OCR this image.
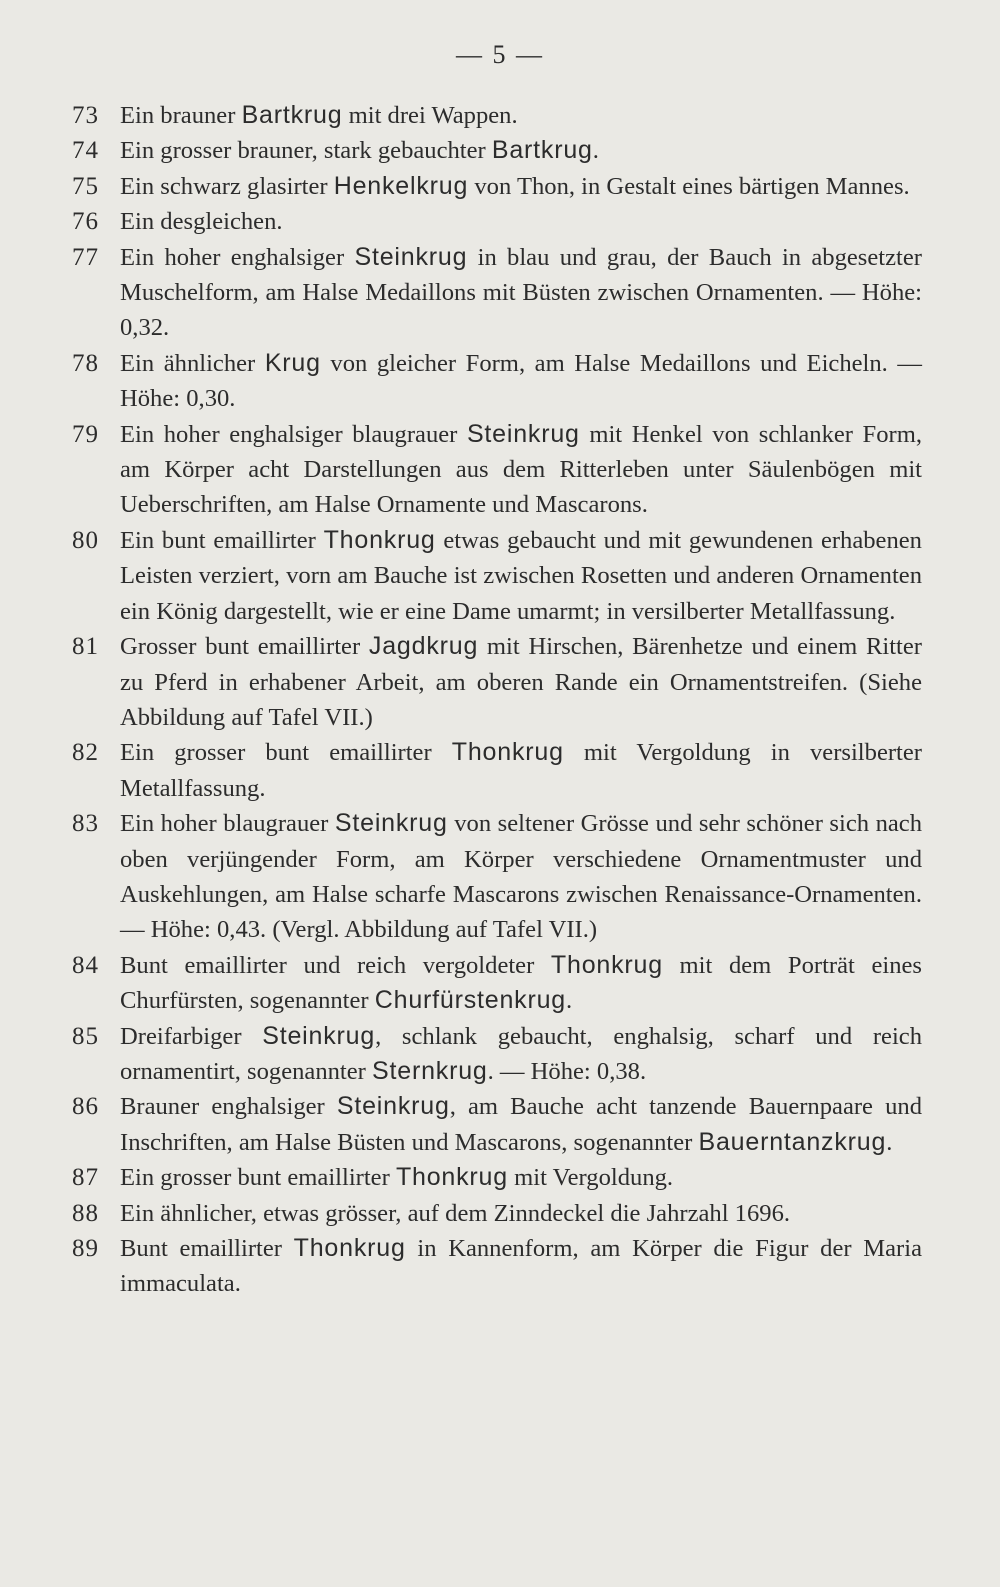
— 5 —
73 Ein brauner Bartkrug mit drei Wappen.
74 Ein grosser brauner, stark gebauchter Bartkrug.
75 Ein schwarz glasirter Henkelkrug von Thon, in Gestalt eines bärtigen Mannes.
76 Ein desgleichen.
77 Ein hoher enghalsiger Steinkrug in blau und grau, der Bauch in abgesetzter Muschelform, am Halse Medaillons mit Büsten zwischen Ornamenten. — Höhe: 0,32.
78 Ein ähnlicher Krug von gleicher Form, am Halse Medaillons und Eicheln. — Höhe: 0,30.
79 Ein hoher enghalsiger blaugrauer Steinkrug mit Henkel von schlanker Form, am Körper acht Darstellungen aus dem Ritterleben unter Säulenbögen mit Ueberschriften, am Halse Ornamente und Mascarons.
80 Ein bunt emaillirter Thonkrug etwas gebaucht und mit gewundenen erhabenen Leisten verziert, vorn am Bauche ist zwischen Rosetten und anderen Ornamenten ein König dargestellt, wie er eine Dame umarmt; in versilberter Metallfassung.
81 Grosser bunt emaillirter Jagdkrug mit Hirschen, Bärenhetze und einem Ritter zu Pferd in erhabener Arbeit, am oberen Rande ein Ornamentstreifen. (Siehe Abbildung auf Tafel VII.)
82 Ein grosser bunt emaillirter Thonkrug mit Vergoldung in versilberter Metallfassung.
83 Ein hoher blaugrauer Steinkrug von seltener Grösse und sehr schöner sich nach oben verjüngender Form, am Körper verschiedene Ornamentmuster und Auskehlungen, am Halse scharfe Mascarons zwischen Renaissance-Ornamenten. — Höhe: 0,43. (Vergl. Abbildung auf Tafel VII.)
84 Bunt emaillirter und reich vergoldeter Thonkrug mit dem Porträt eines Churfürsten, sogenannter Churfürstenkrug.
85 Dreifarbiger Steinkrug, schlank gebaucht, enghalsig, scharf und reich ornamentirt, sogenannter Sternkrug. — Höhe: 0,38.
86 Brauner enghalsiger Steinkrug, am Bauche acht tanzende Bauernpaare und Inschriften, am Halse Büsten und Mascarons, sogenannter Bauerntanzkrug.
87 Ein grosser bunt emaillirter Thonkrug mit Vergoldung.
88 Ein ähnlicher, etwas grösser, auf dem Zinndeckel die Jahrzahl 1696.
89 Bunt emaillirter Thonkrug in Kannenform, am Körper die Figur der Maria immaculata.
